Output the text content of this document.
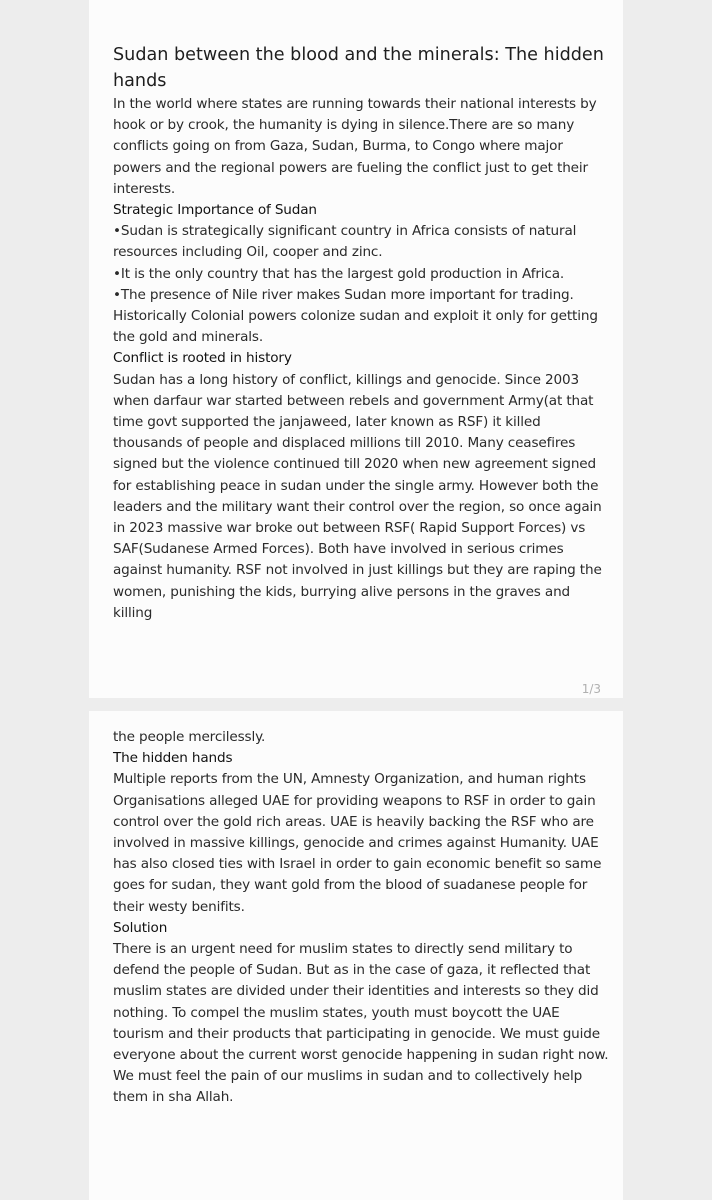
Sudan between the blood and the minerals: The hidden hands

In the world where states are running towards their national interests by hook or by crook, the humanity is dying in silence.There are so many conflicts going on from Gaza, Sudan, Burma, to Congo where major powers and the regional powers are fueling the conflict just to get their interests.

Strategic Importance of Sudan

•Sudan is strategically significant country in Africa consists of natural resources including Oil, cooper and zinc.

•It is the only country that has the largest gold production in Africa.

•The presence of Nile river makes Sudan more important for trading.

Historically Colonial powers colonize sudan and exploit it only for getting the gold and minerals.

Conflict is rooted in history

Sudan has a long history of conflict, killings and genocide. Since 2003 when darfaur war started between rebels and government Army(at that time govt supported the janjaweed, later known as RSF) it killed thousands of people and displaced millions till 2010. Many ceasefires signed but the violence continued till 2020 when new agreement signed for establishing peace in sudan under the single army. However both the leaders and the military want their control over the region, so once again in 2023 massive war broke out between RSF( Rapid Support Forces) vs SAF(Sudanese Armed Forces). Both have involved in serious crimes against humanity. RSF not involved in just killings but they are raping the women, punishing the kids, burrying alive persons in the graves and killing

1/3

the people mercilessly.

The hidden hands

Multiple reports from the UN, Amnesty Organization, and human rights Organisations alleged UAE for providing weapons to RSF in order to gain control over the gold rich areas. UAE is heavily backing the RSF who are involved in massive killings, genocide and crimes against Humanity. UAE has also closed ties with Israel in order to gain economic benefit so same goes for sudan, they want gold from the blood of suadanese people for their westy benifits.

Solution

There is an urgent need for muslim states to directly send military to defend the people of Sudan. But as in the case of gaza, it reflected that muslim states are divided under their identities and interests so they did nothing. To compel the muslim states, youth must boycott the UAE tourism and their products that participating in genocide. We must guide everyone about the current worst genocide happening in sudan right now. We must feel the pain of our muslims in sudan and to collectively help them in sha Allah.
